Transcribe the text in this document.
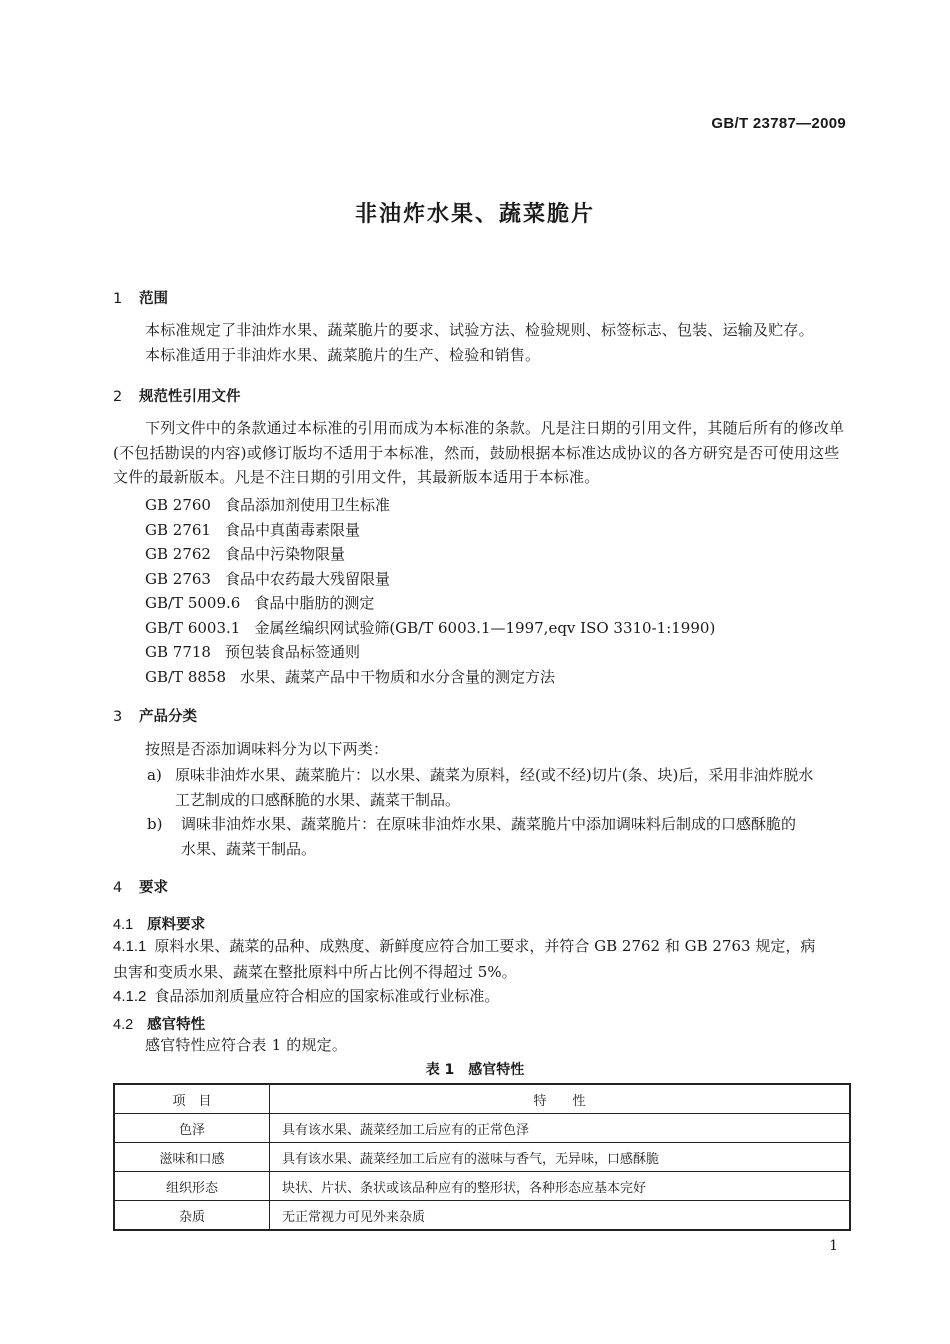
GB/T 23787—2009
非油炸水果、蔬菜脆片
1 范围
本标准规定了非油炸水果、蔬菜脆片的要求、试验方法、检验规则、标签标志、包装、运输及贮存。
本标准适用于非油炸水果、蔬菜脆片的生产、检验和销售。
2 规范性引用文件
下列文件中的条款通过本标准的引用而成为本标准的条款。凡是注日期的引用文件，其随后所有的修改单(不包括勘误的内容)或修订版均不适用于本标准，然而，鼓励根据本标准达成协议的各方研究是否可使用这些文件的最新版本。凡是不注日期的引用文件，其最新版本适用于本标准。
GB 2760 食品添加剂使用卫生标准
GB 2761 食品中真菌毒素限量
GB 2762 食品中污染物限量
GB 2763 食品中农药最大残留限量
GB/T 5009.6 食品中脂肪的测定
GB/T 6003.1 金属丝编织网试验筛(GB/T 6003.1—1997,eqv ISO 3310-1:1990)
GB 7718 预包装食品标签通则
GB/T 8858 水果、蔬菜产品中干物质和水分含量的测定方法
3 产品分类
按照是否添加调味料分为以下两类：
a) 原味非油炸水果、蔬菜脆片：以水果、蔬菜为原料，经(或不经)切片(条、块)后，采用非油炸脱水
工艺制成的口感酥脆的水果、蔬菜干制品。
b) 调味非油炸水果、蔬菜脆片：在原味非油炸水果、蔬菜脆片中添加调味料后制成的口感酥脆的
水果、蔬菜干制品。
4 要求
4.1 原料要求
4.1.1 原料水果、蔬菜的品种、成熟度、新鲜度应符合加工要求，并符合 GB 2762 和 GB 2763 规定，病
虫害和变质水果、蔬菜在整批原料中所占比例不得超过 5%。
4.1.2 食品添加剂质量应符合相应的国家标准或行业标准。
4.2 感官特性
感官特性应符合表 1 的规定。
表 1　感官特性
项　目	特　　性
色泽	具有该水果、蔬菜经加工后应有的正常色泽
滋味和口感	具有该水果、蔬菜经加工后应有的滋味与香气，无异味，口感酥脆
组织形态	块状、片状、条状或该品种应有的整形状，各种形态应基本完好
杂质	无正常视力可见外来杂质
1
